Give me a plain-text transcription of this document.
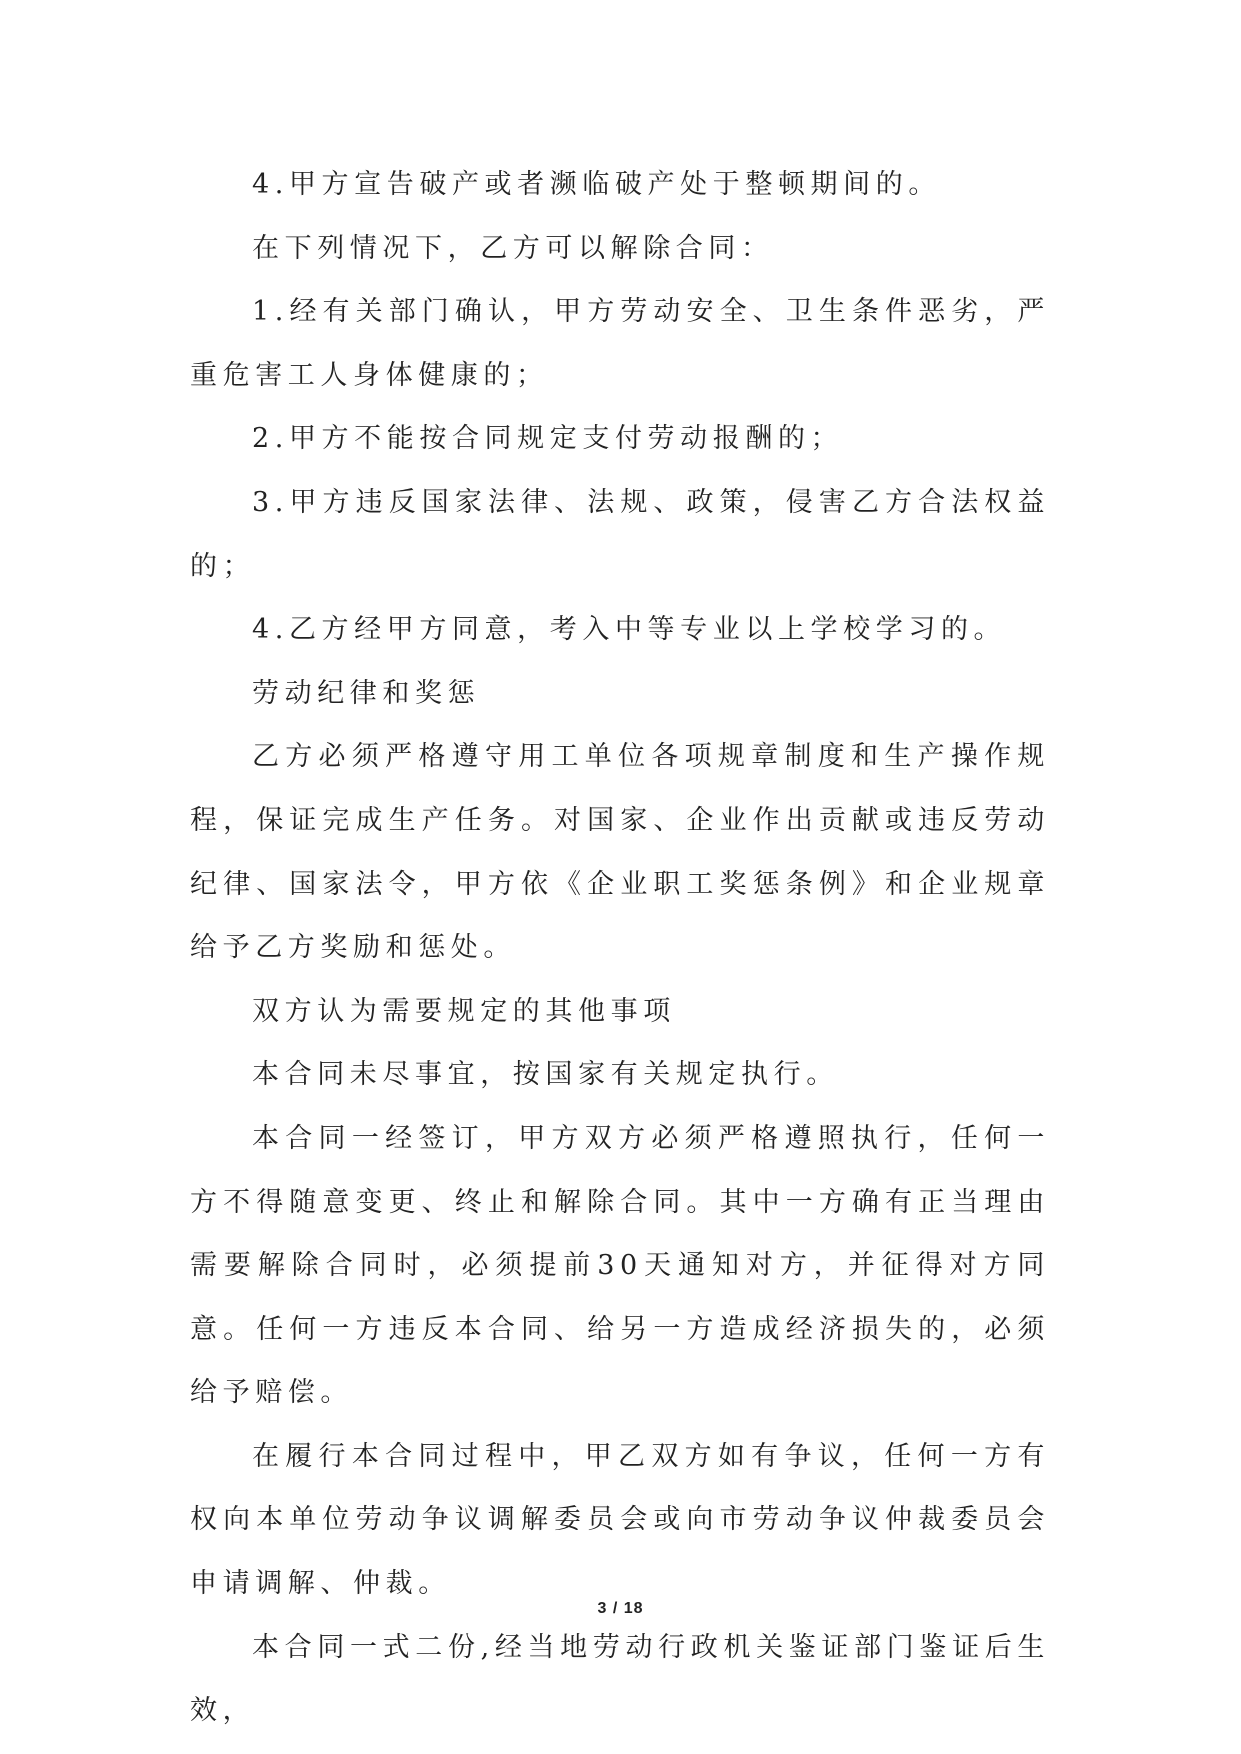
4.甲方宣告破产或者濒临破产处于整顿期间的。

在下列情况下，乙方可以解除合同：

1.经有关部门确认，甲方劳动安全、卫生条件恶劣，严重危害工人身体健康的；

2.甲方不能按合同规定支付劳动报酬的；

3.甲方违反国家法律、法规、政策，侵害乙方合法权益的；

4.乙方经甲方同意，考入中等专业以上学校学习的。

劳动纪律和奖惩

乙方必须严格遵守用工单位各项规章制度和生产操作规程，保证完成生产任务。对国家、企业作出贡献或违反劳动纪律、国家法令，甲方依《企业职工奖惩条例》和企业规章给予乙方奖励和惩处。

双方认为需要规定的其他事项

本合同未尽事宜，按国家有关规定执行。

本合同一经签订，甲方双方必须严格遵照执行，任何一方不得随意变更、终止和解除合同。其中一方确有正当理由需要解除合同时，必须提前30天通知对方，并征得对方同意。任何一方违反本合同、给另一方造成经济损失的，必须给予赔偿。

在履行本合同过程中，甲乙双方如有争议，任何一方有权向本单位劳动争议调解委员会或向市劳动争议仲裁委员会申请调解、仲裁。

本合同一式二份,经当地劳动行政机关鉴证部门鉴证后生效，

3 / 18
